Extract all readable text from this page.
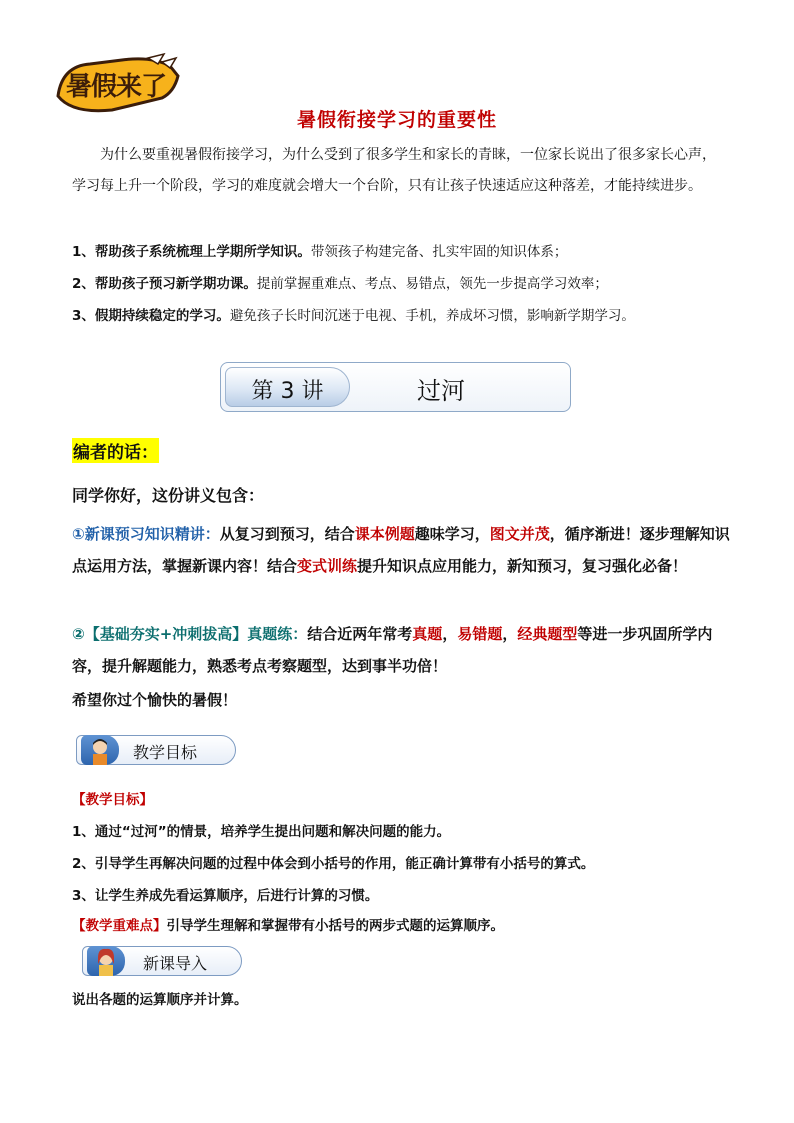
暑假来了
暑假衔接学习的重要性
为什么要重视暑假衔接学习，为什么受到了很多学生和家长的青睐，一位家长说出了很多家长心声，学习每上升一个阶段，学习的难度就会增大一个台阶，只有让孩子快速适应这种落差，才能持续进步。
1、帮助孩子系统梳理上学期所学知识。带领孩子构建完备、扎实牢固的知识体系；
2、帮助孩子预习新学期功课。提前掌握重难点、考点、易错点，领先一步提高学习效率；
3、假期持续稳定的学习。避免孩子长时间沉迷于电视、手机，养成坏习惯，影响新学期学习。
第 3 讲	过河
编者的话：
同学你好，这份讲义包含：
①新课预习知识精讲：从复习到预习，结合课本例题趣味学习，图文并茂，循序渐进！逐步理解知识点运用方法，掌握新课内容！结合变式训练提升知识点应用能力，新知预习，复习强化必备！
②【基础夯实+冲刺拔高】真题练：结合近两年常考真题，易错题，经典题型等进一步巩固所学内容，提升解题能力，熟悉考点考察题型，达到事半功倍！
希望你过个愉快的暑假！
教学目标
【教学目标】
1、通过“过河”的情景，培养学生提出问题和解决问题的能力。
2、引导学生再解决问题的过程中体会到小括号的作用，能正确计算带有小括号的算式。
3、让学生养成先看运算顺序，后进行计算的习惯。
【教学重难点】引导学生理解和掌握带有小括号的两步式题的运算顺序。
新课导入
说出各题的运算顺序并计算。
